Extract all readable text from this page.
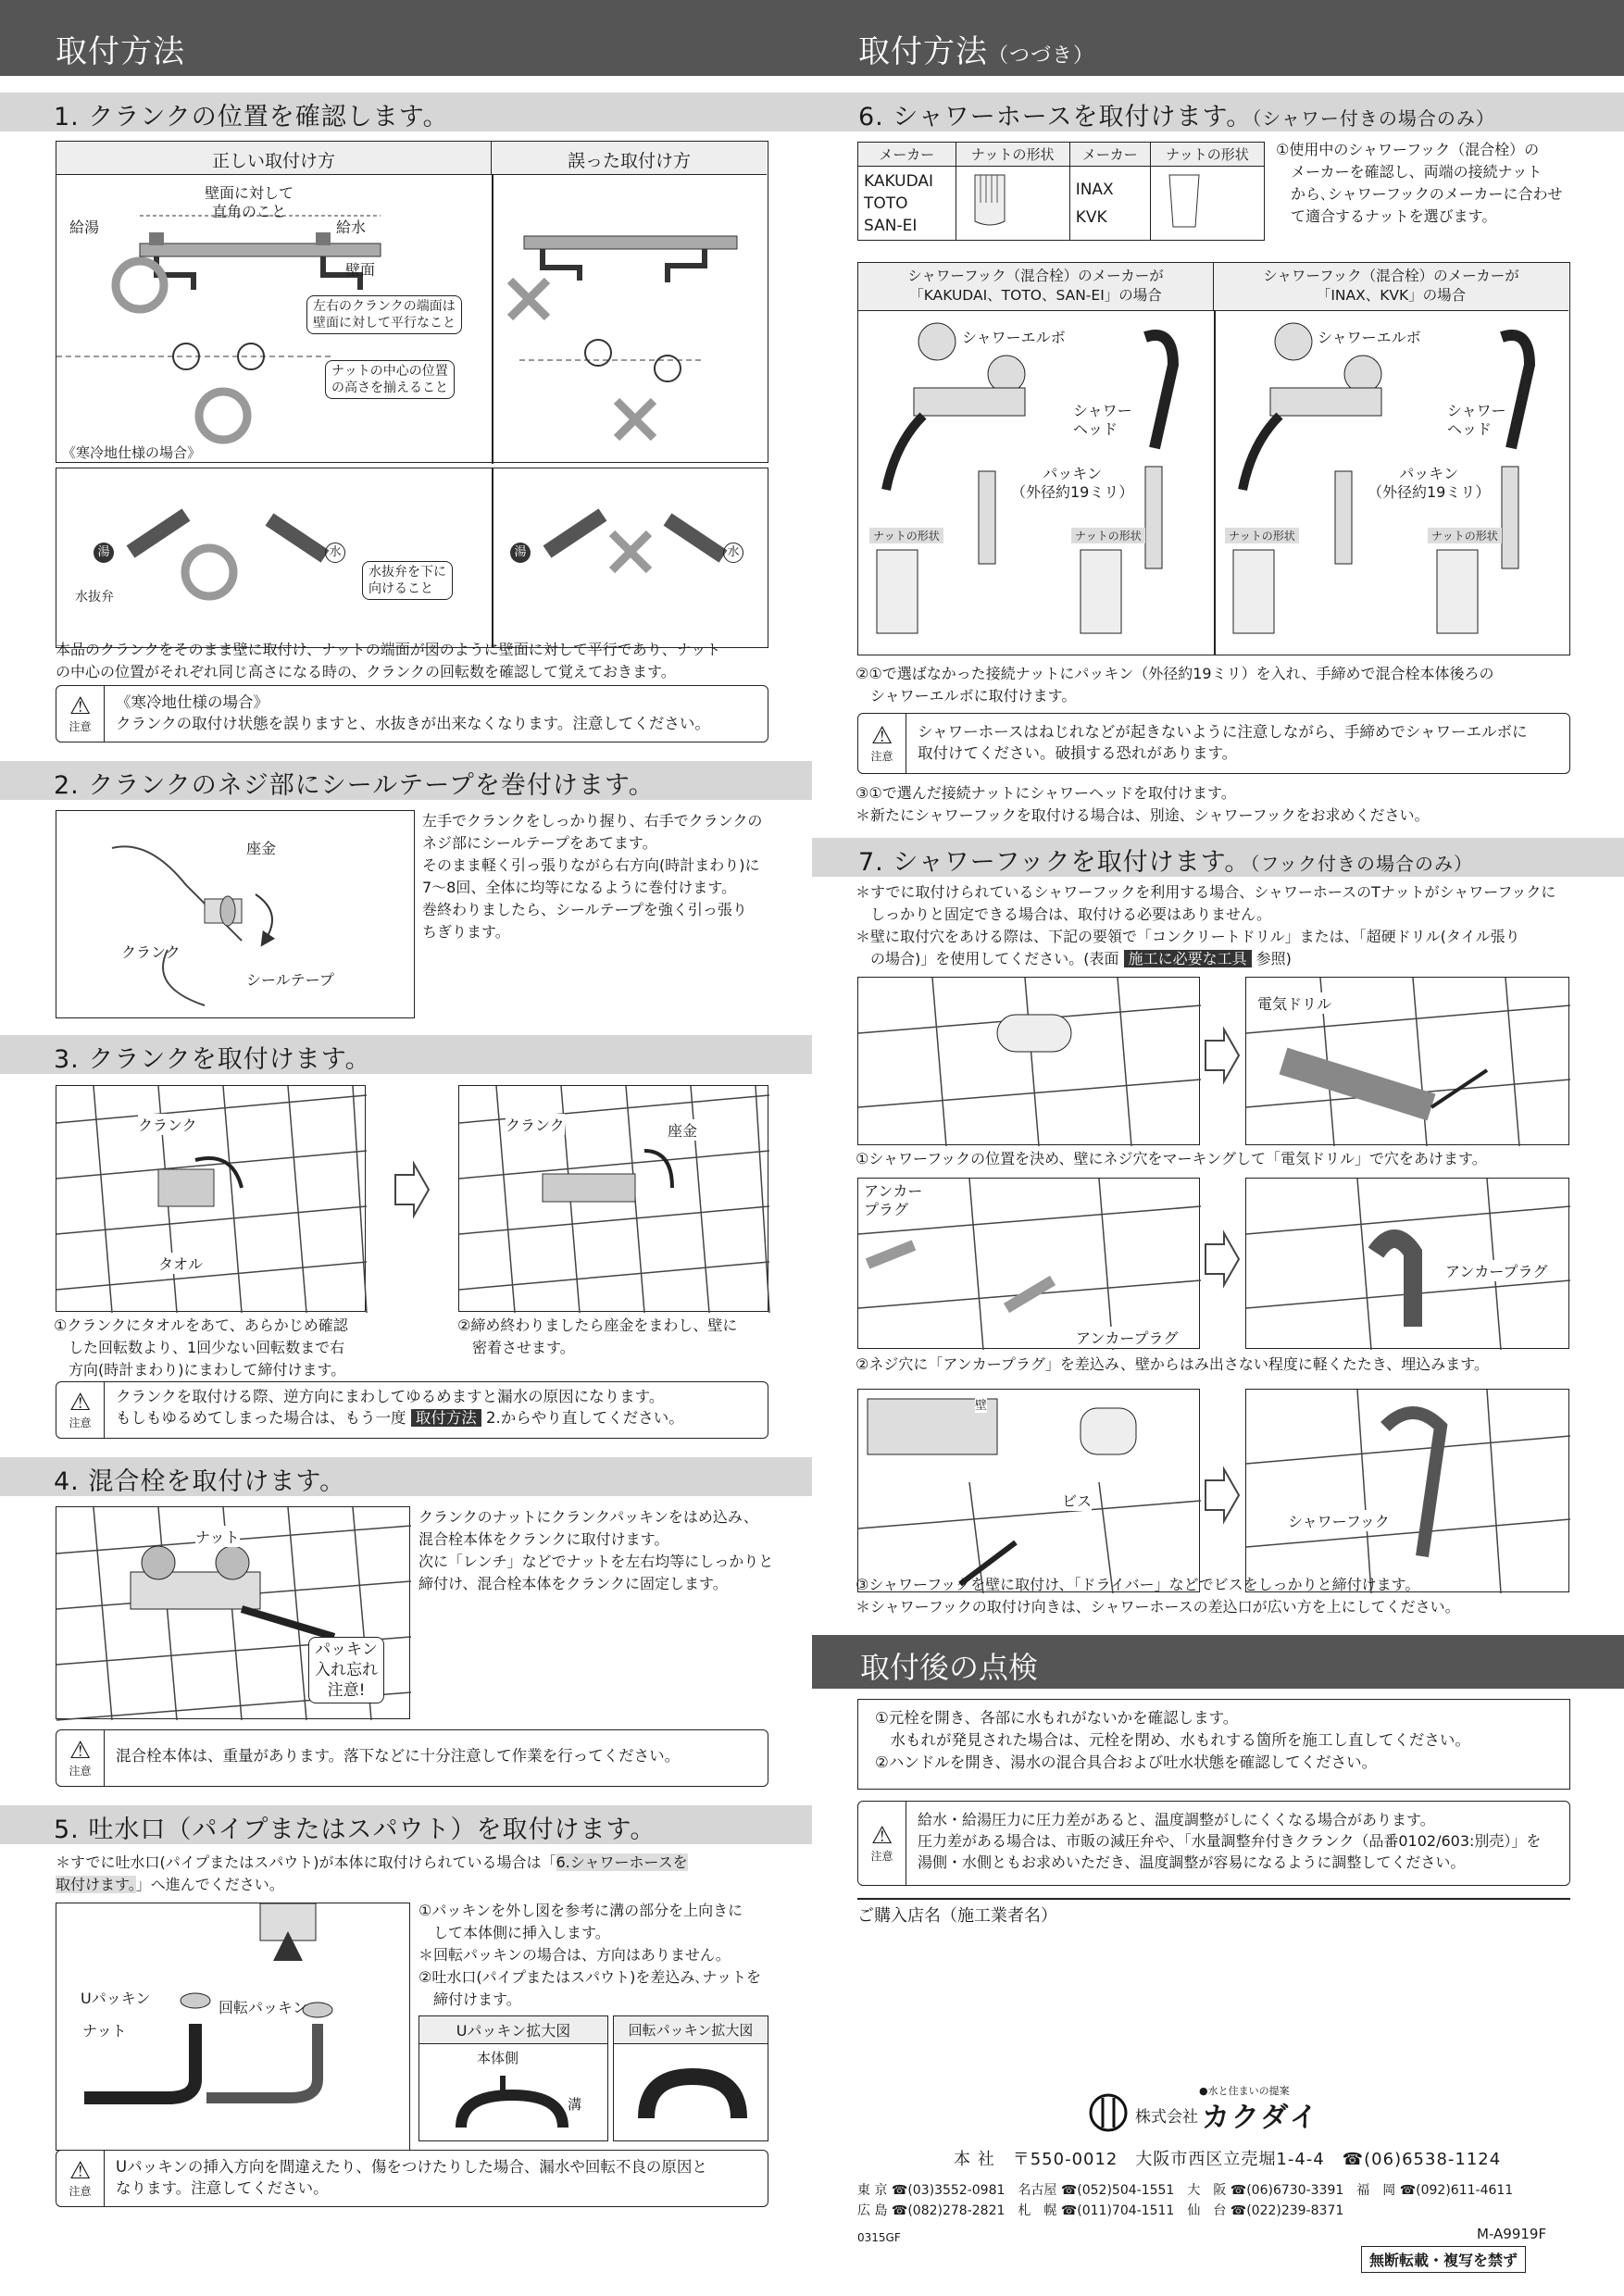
取付方法	取付方法（つづき）
1. クランクの位置を確認します。
正しい取付け方	誤った取付け方
壁面に対して
直角のこと
給湯	給水
壁面
左右のクランクの端面は
壁面に対して平行なこと
ナットの中心の位置
の高さを揃えること
《寒冷地仕様の場合》
湯	水	湯	水
水抜弁
水抜弁を下に
向けること
本品のクランクをそのまま壁に取付け、ナットの端面が図のように壁面に対して平行であり、ナット
の中心の位置がそれぞれ同じ高さになる時の、クランクの回転数を確認して覚えておきます。
⚠
注意
《寒冷地仕様の場合》
クランクの取付け状態を誤りますと、水抜きが出来なくなります。注意してください。
2. クランクのネジ部にシールテープを巻付けます。
座金
クランク
シールテープ
左手でクランクをしっかり握り、右手でクランクの
ネジ部にシールテープをあてます。
そのまま軽く引っ張りながら右方向(時計まわり)に
7〜8回、全体に均等になるように巻付けます。
巻終わりましたら、シールテープを強く引っ張り
ちぎります。
3. クランクを取付けます。
クランク
タオル
クランク	座金
①クランクにタオルをあて、あらかじめ確認
　した回転数より、1回少ない回転数まで右
　方向(時計まわり)にまわして締付けます。
②締め終わりましたら座金をまわし、壁に
　密着させます。
⚠
注意
クランクを取付ける際、逆方向にまわしてゆるめますと漏水の原因になります。
もしもゆるめてしまった場合は、もう一度 取付方法 2.からやり直してください。
4. 混合栓を取付けます。
ナット
パッキン
入れ忘れ
注意!
クランクのナットにクランクパッキンをはめ込み、
混合栓本体をクランクに取付けます。
次に「レンチ」などでナットを左右均等にしっかりと
締付け、混合栓本体をクランクに固定します。
⚠
注意
混合栓本体は、重量があります。落下などに十分注意して作業を行ってください。
5. 吐水口（パイプまたはスパウト）を取付けます。
＊すでに吐水口(パイプまたはスパウト)が本体に取付けられている場合は「6.シャワーホースを
取付けます。」へ進んでください。
Uパッキン
ナット
回転パッキン
①パッキンを外し図を参考に溝の部分を上向きに
　して本体側に挿入します。
＊回転パッキンの場合は、方向はありません。
②吐水口(パイプまたはスパウト)を差込み､ナットを
　締付けます。
Uパッキン拡大図
本体側
溝
回転パッキン拡大図
⚠
注意
Uパッキンの挿入方向を間違えたり、傷をつけたりした場合、漏水や回転不良の原因と
なります。注意してください。
6. シャワーホースを取付けます。（シャワー付きの場合のみ）
メーカー	ナットの形状	メーカー	ナットの形状
KAKUDAI
TOTO
SAN-EI		INAX
KVK	
①使用中のシャワーフック（混合栓）の
　メーカーを確認し、両端の接続ナット
　から､シャワーフックのメーカーに合わせ
　て適合するナットを選びます。
シャワーフック（混合栓）のメーカーが
「KAKUDAI、TOTO、SAN-EI」の場合
シャワーフック（混合栓）のメーカーが
「INAX、KVK」の場合
シャワーエルボ	シャワーエルボ
シャワー
ヘッド
シャワー
ヘッド
パッキン
（外径約19ミリ）
パッキン
（外径約19ミリ）
ナットの形状	ナットの形状	ナットの形状	ナットの形状
②①で選ばなかった接続ナットにパッキン（外径約19ミリ）を入れ、手締めで混合栓本体後ろの
　シャワーエルボに取付けます。
⚠
注意
シャワーホースはねじれなどが起きないように注意しながら、手締めでシャワーエルボに
取付けてください。破損する恐れがあります。
③①で選んだ接続ナットにシャワーヘッドを取付けます。
＊新たにシャワーフックを取付ける場合は、別途、シャワーフックをお求めください。
7. シャワーフックを取付けます。（フック付きの場合のみ）
＊すでに取付けられているシャワーフックを利用する場合、シャワーホースのTナットがシャワーフックに
　しっかりと固定できる場合は、取付ける必要はありません。
＊壁に取付穴をあける際は、下記の要領で「コンクリートドリル」または、「超硬ドリル(タイル張り
　の場合)」を使用してください。(表面 施工に必要な工具 参照)
電気ドリル
①シャワーフックの位置を決め、壁にネジ穴をマーキングして「電気ドリル」で穴をあけます。
アンカー
プラグ
アンカープラグ
アンカープラグ
②ネジ穴に「アンカープラグ」を差込み、壁からはみ出さない程度に軽くたたき、埋込みます。
壁
ビス
シャワーフック
③シャワーフックを壁に取付け、「ドライバー」などでビスをしっかりと締付けます。
＊シャワーフックの取付け向きは、シャワーホースの差込口が広い方を上にしてください。
取付後の点検
①元栓を開き、各部に水もれがないかを確認します。
　水もれが発見された場合は、元栓を閉め、水もれする箇所を施工し直してください。
②ハンドルを開き、湯水の混合具合および吐水状態を確認してください。
⚠
注意
給水・給湯圧力に圧力差があると、温度調整がしにくくなる場合があります。
圧力差がある場合は、市販の減圧弁や、「水量調整弁付きクランク（品番0102/603:別売）」を
湯側・水側ともお求めいただき、温度調整が容易になるように調整してください。
ご購入店名（施工業者名）
●水と住まいの提案
株式会社 カクダイ
本 社　〒550-0012　大阪市西区立売堀1-4-4　☎(06)6538-1124
東 京 ☎(03)3552-0981　名古屋 ☎(052)504-1551　大　阪 ☎(06)6730-3391　福　岡 ☎(092)611-4611
広 島 ☎(082)278-2821　札　幌 ☎(011)704-1511　仙　台 ☎(022)239-8371
M-A9919F
0315GF
無断転載・複写を禁ず
